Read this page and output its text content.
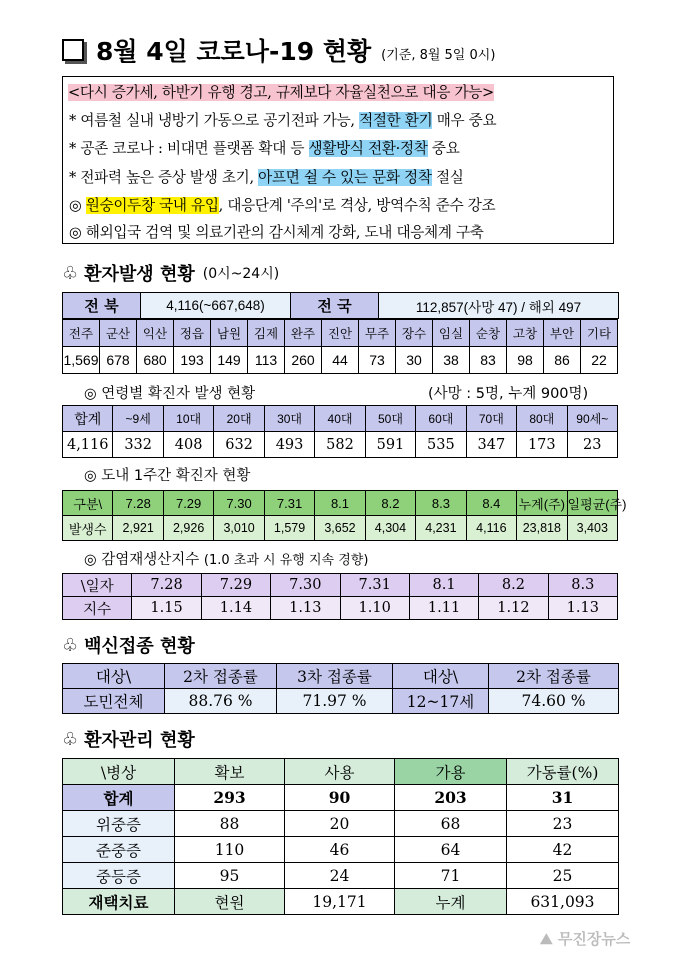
8월 4일 코로나-19 현황 (기준, 8월 5일 0시)
<다시 증가세, 하반기 유행 경고, 규제보다 자율실천으로 대응 가능>
* 여름철 실내 냉방기 가동으로 공기전파 가능, 적절한 환기 매우 중요
* 공존 코로나 : 비대면 플랫폼 확대 등 생활방식 전환·정착 중요
* 전파력 높은 증상 발생 초기, 아프면 쉴 수 있는 문화 정착 절실
◎ 원숭이두창 국내 유입, 대응단계 '주의'로 격상, 방역수칙 준수 강조
◎ 해외입국 검역 및 의료기관의 감시체계 강화, 도내 대응체계 구축
♧ 환자발생 현황 (0시~24시)
전 북	4,116(~667,648)	전 국	112,857(사망 47) / 해외 497
전주	군산	익산	정읍	남원	김제	완주	진안	무주	장수	임실	순창	고창	부안	기타
1,569	678	680	193	149	113	260	44	73	30	38	83	98	86	22
◎ 연령별 확진자 발생 현황	(사망 : 5명, 누계 900명)
합계	~9세	10대	20대	30대	40대	50대	60대	70대	80대	90세~
4,116	332	408	632	493	582	591	535	347	173	23
◎ 도내 1주간 확진자 현황
구분\	7.28	7.29	7.30	7.31	8.1	8.2	8.3	8.4	누계(주)	일평균(주)
발생수	2,921	2,926	3,010	1,579	3,652	4,304	4,231	4,116	23,818	3,403
◎ 감염재생산지수 (1.0 초과 시 유행 지속 경향)
\일자	7.28	7.29	7.30	7.31	8.1	8.2	8.3
지수	1.15	1.14	1.13	1.10	1.11	1.12	1.13
♧ 백신접종 현황
대상\	2차 접종률	3차 접종률	대상\	2차 접종률
도민전체	88.76 %	71.97 %	12~17세	74.60 %
♧ 환자관리 현황
\병상	확보	사용	가용	가동률(%)
합계	293	90	203	31
위중증	88	20	68	23
준중증	110	46	64	42
중등증	95	24	71	25
재택치료	현원	19,171	누계	631,093
⛰ 무진장뉴스
